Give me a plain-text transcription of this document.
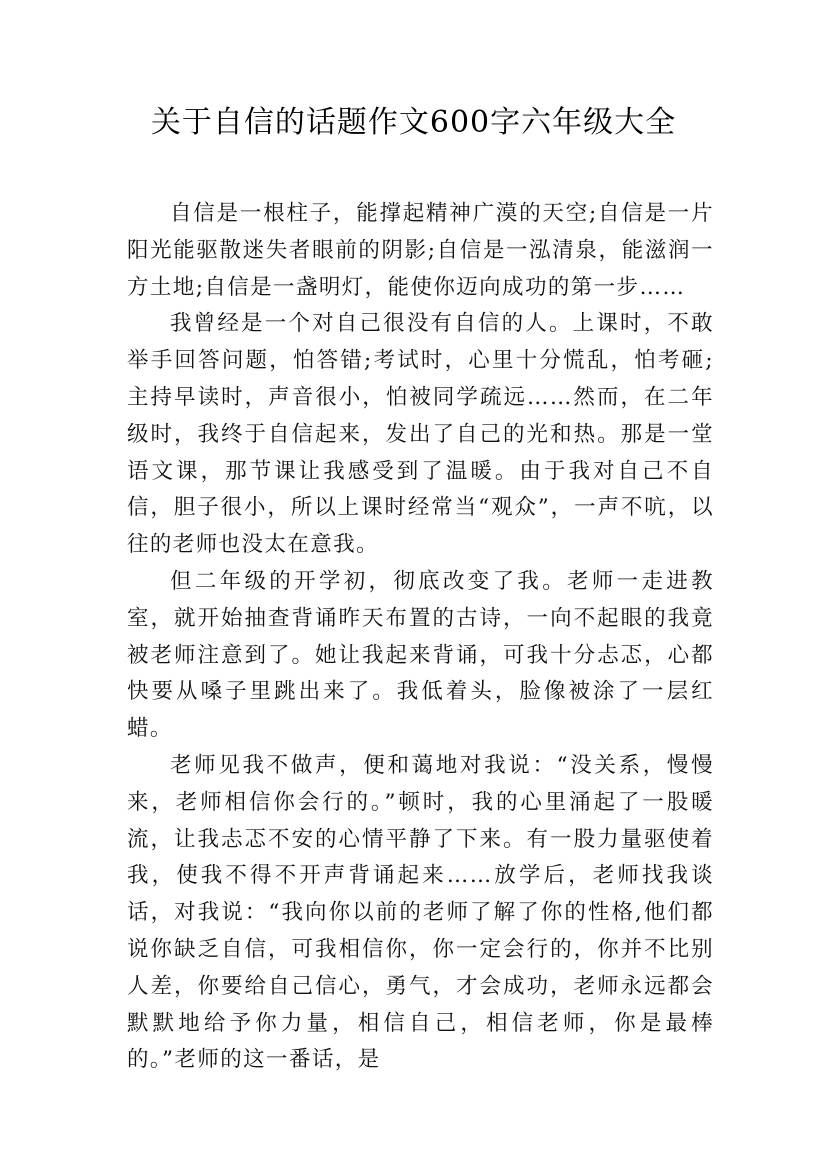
关于自信的话题作文600字六年级大全

自信是一根柱子，能撑起精神广漠的天空;自信是一片阳光能驱散迷失者眼前的阴影;自信是一泓清泉，能滋润一方土地;自信是一盏明灯，能使你迈向成功的第一步……

我曾经是一个对自己很没有自信的人。上课时，不敢举手回答问题，怕答错;考试时，心里十分慌乱，怕考砸;主持早读时，声音很小，怕被同学疏远……然而，在二年级时，我终于自信起来，发出了自己的光和热。那是一堂语文课，那节课让我感受到了温暖。由于我对自己不自信，胆子很小，所以上课时经常当“观众”，一声不吭，以往的老师也没太在意我。

但二年级的开学初，彻底改变了我。老师一走进教室，就开始抽查背诵昨天布置的古诗，一向不起眼的我竟被老师注意到了。她让我起来背诵，可我十分忐忑，心都快要从嗓子里跳出来了。我低着头，脸像被涂了一层红蜡。

老师见我不做声，便和蔼地对我说：“没关系，慢慢来，老师相信你会行的。”顿时，我的心里涌起了一股暖流，让我忐忑不安的心情平静了下来。有一股力量驱使着我，使我不得不开声背诵起来……放学后，老师找我谈话，对我说：“我向你以前的老师了解了你的性格,他们都说你缺乏自信，可我相信你，你一定会行的，你并不比别人差，你要给自己信心，勇气，才会成功，老师永远都会默默地给予你力量，相信自己，相信老师，你是最棒的。”老师的这一番话，是
